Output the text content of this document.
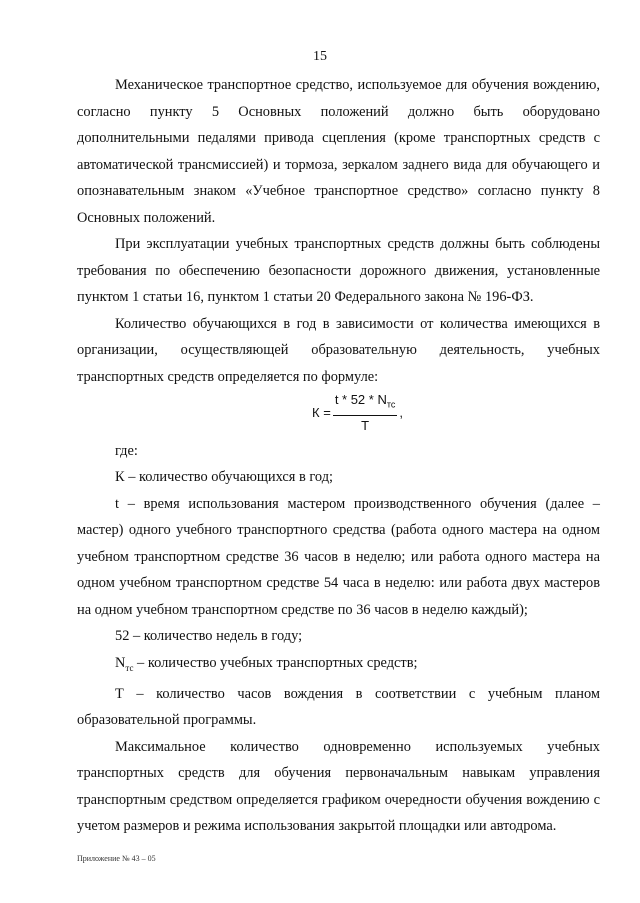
15

Механическое транспортное средство, используемое для обучения вождению, согласно пункту 5 Основных положений должно быть оборудовано дополнительными педалями привода сцепления (кроме транспортных средств с автоматической трансмиссией) и тормоза, зеркалом заднего вида для обучающего и опознавательным знаком «Учебное транспортное средство» согласно пункту 8 Основных положений.

При эксплуатации учебных транспортных средств должны быть соблюдены требования по обеспечению безопасности дорожного движения, установленные пунктом 1 статьи 16, пунктом 1 статьи 20 Федерального закона № 196-ФЗ.

Количество обучающихся в год в зависимости от количества имеющихся в организации, осуществляющей образовательную деятельность, учебных транспортных средств определяется по формуле:

$К = \frac{t * 52 * N_{тс}}{T}$ ,

где:

К – количество обучающихся в год;

t – время использования мастером производственного обучения (далее – мастер) одного учебного транспортного средства (работа одного мастера на одном учебном транспортном средстве 36 часов в неделю; или работа одного мастера на одном учебном транспортном средстве 54 часа в неделю: или работа двух мастеров на одном учебном транспортном средстве по 36 часов в неделю каждый);

52 – количество недель в году;

$N_{тс}$ – количество учебных транспортных средств;

Т – количество часов вождения в соответствии с учебным планом образовательной программы.

Максимальное количество одновременно используемых учебных транспортных средств для обучения первоначальным навыкам управления транспортным средством определяется графиком очередности обучения вождению с учетом размеров и режима использования закрытой площадки или автодрома.

Приложение № 43 – 05
